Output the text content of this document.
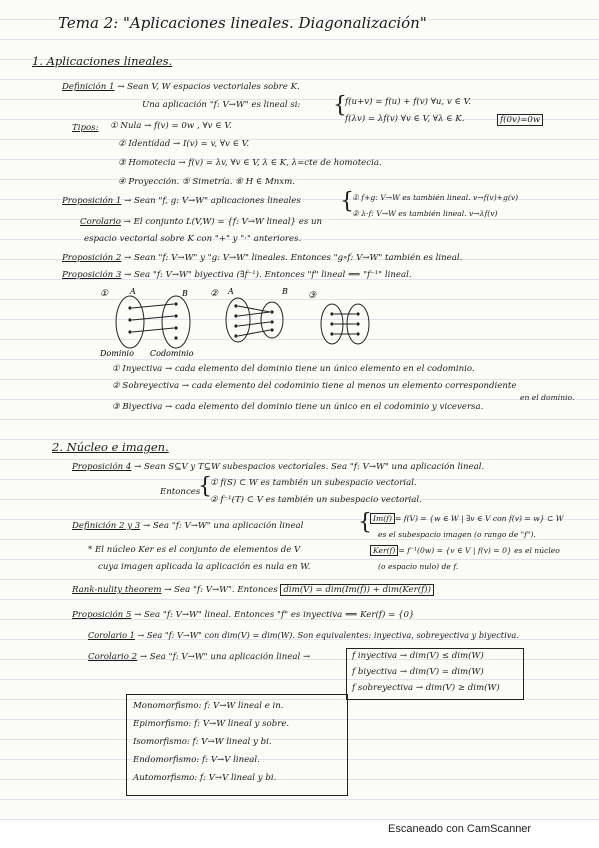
Tema 2: "Aplicaciones lineales. Diagonalización"
1. Aplicaciones lineales.
Definición 1 → Sean V, W espacios vectoriales sobre K.
Una aplicación "f: V→W" es lineal si: {
f(u+v) = f(u) + f(v) ∀u, v ∈ V.
f(λv) = λf(v) ∀v ∈ V, ∀λ ∈ K.	f(0v)=0w
Tipos: ① Nula → f(v) = 0w , ∀v ∈ V.
② Identidad → I(v) = v, ∀v ∈ V.
③ Homotecia → f(v) = λv, ∀v ∈ V, λ ∈ K, λ=cte de homotecia.
④ Proyección. ⑤ Simetría. ⑥ H ∈ Mnxm.
Proposición 1 → Sean "f, g: V→W" aplicaciones lineales {
① f+g: V→W es también lineal. v→f(v)+g(v)
② λ·f: V→W es también lineal. v→λf(v)
Corolario → El conjunto L(V,W) = {f: V→W lineal} es un
espacio vectorial sobre K con "+" y "·" anteriores.
Proposición 2 → Sean "f: V→W" y "g: V→W" lineales. Entonces "g∘f: V→W" también es lineal.
Proposición 3 → Sea "f: V→W" biyectiva (∃f⁻¹). Entonces "f" lineal ⟺ "f⁻¹" lineal.
①	A	B
Dominio Codominio
② A	B ③
① Inyectiva → cada elemento del dominio tiene un único elemento en el codominio.
② Sobreyectiva → cada elemento del codominio tiene al menos un elemento correspondiente
en el dominio.
③ Biyectiva → cada elemento del dominio tiene un único en el codominio y viceversa.
2. Núcleo e imagen.
Proposición 4 → Sean S⊆V y T⊆W subespacios vectoriales. Sea "f: V→W" una aplicación lineal.
Entonces
{
① f(S) ⊂ W es también un subespacio vectorial.
② f⁻¹(T) ⊂ V es también un subespacio vectorial.
Definición 2 y 3 → Sea "f: V→W" una aplicación lineal { Im(f) = f(V) = {w ∈ W | ∃v ∈ V con f(v) = w} ⊂ W
es el subespacio imagen (o rango de "f").
Ker(f) = f⁻¹(0w) = {v ∈ V | f(v) = 0} es el núcleo
(o espacio nulo) de f.
* El núcleo Ker es el conjunto de elementos de V
cuya imagen aplicada la aplicación es nula en W.
Rank-nulity theorem → Sea "f: V→W". Entonces dim(V) = dim(Im(f)) + dim(Ker(f))
Proposición 5 → Sea "f: V→W" lineal. Entonces "f" es inyectiva ⟺ Ker(f) = {0}
Corolario 1 → Sea "f: V→W" con dim(V) = dim(W). Son equivalentes: inyectiva, sobreyectiva y biyectiva.
Corolario 2 → Sea "f: V→W" una aplicación lineal →	f inyectiva → dim(V) ≤ dim(W)
f biyectiva → dim(V) = dim(W)
f sobreyectiva → dim(V) ≥ dim(W)
Monomorfismo: f: V→W lineal e in.
Epimorfismo: f: V→W lineal y sobre.
Isomorfismo: f: V→W lineal y bi.
Endomorfismo: f: V→V lineal.
Automorfismo: f: V→V lineal y bi.
Escaneado con CamScanner
